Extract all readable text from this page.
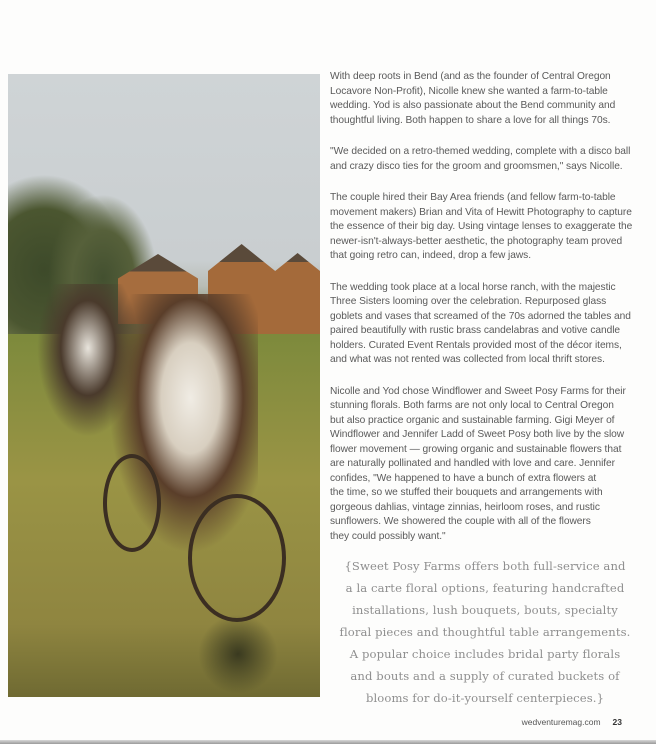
With deep roots in Bend (and as the founder of Central Oregon
Locavore Non-Profit), Nicolle knew she wanted a farm-to-table
wedding. Yod is also passionate about the Bend community and
thoughtful living. Both happen to share a love for all things 70s.
"We decided on a retro-themed wedding, complete with a disco ball
and crazy disco ties for the groom and groomsmen," says Nicolle.
The couple hired their Bay Area friends (and fellow farm-to-table
movement makers) Brian and Vita of Hewitt Photography to capture
the essence of their big day. Using vintage lenses to exaggerate the
newer-isn't-always-better aesthetic, the photography team proved
that going retro can, indeed, drop a few jaws.
The wedding took place at a local horse ranch, with the majestic
Three Sisters looming over the celebration. Repurposed glass
goblets and vases that screamed of the 70s adorned the tables and
paired beautifully with rustic brass candelabras and votive candle
holders. Curated Event Rentals provided most of the décor items,
and what was not rented was collected from local thrift stores.
Nicolle and Yod chose Windflower and Sweet Posy Farms for their
stunning florals. Both farms are not only local to Central Oregon
but also practice organic and sustainable farming. Gigi Meyer of
Windflower and Jennifer Ladd of Sweet Posy both live by the slow
flower movement — growing organic and sustainable flowers that
are naturally pollinated and handled with love and care. Jennifer
confides, "We happened to have a bunch of extra flowers at
the time, so we stuffed their bouquets and arrangements with
gorgeous dahlias, vintage zinnias, heirloom roses, and rustic
sunflowers. We showered the couple with all of the flowers
they could possibly want."
{Sweet Posy Farms offers both full-service and
a la carte floral options, featuring handcrafted
installations, lush bouquets, bouts, specialty
floral pieces and thoughtful table arrangements.
A popular choice includes bridal party florals
and bouts and a supply of curated buckets of
blooms for do-it-yourself centerpieces.}
wedventuremag.com 23
